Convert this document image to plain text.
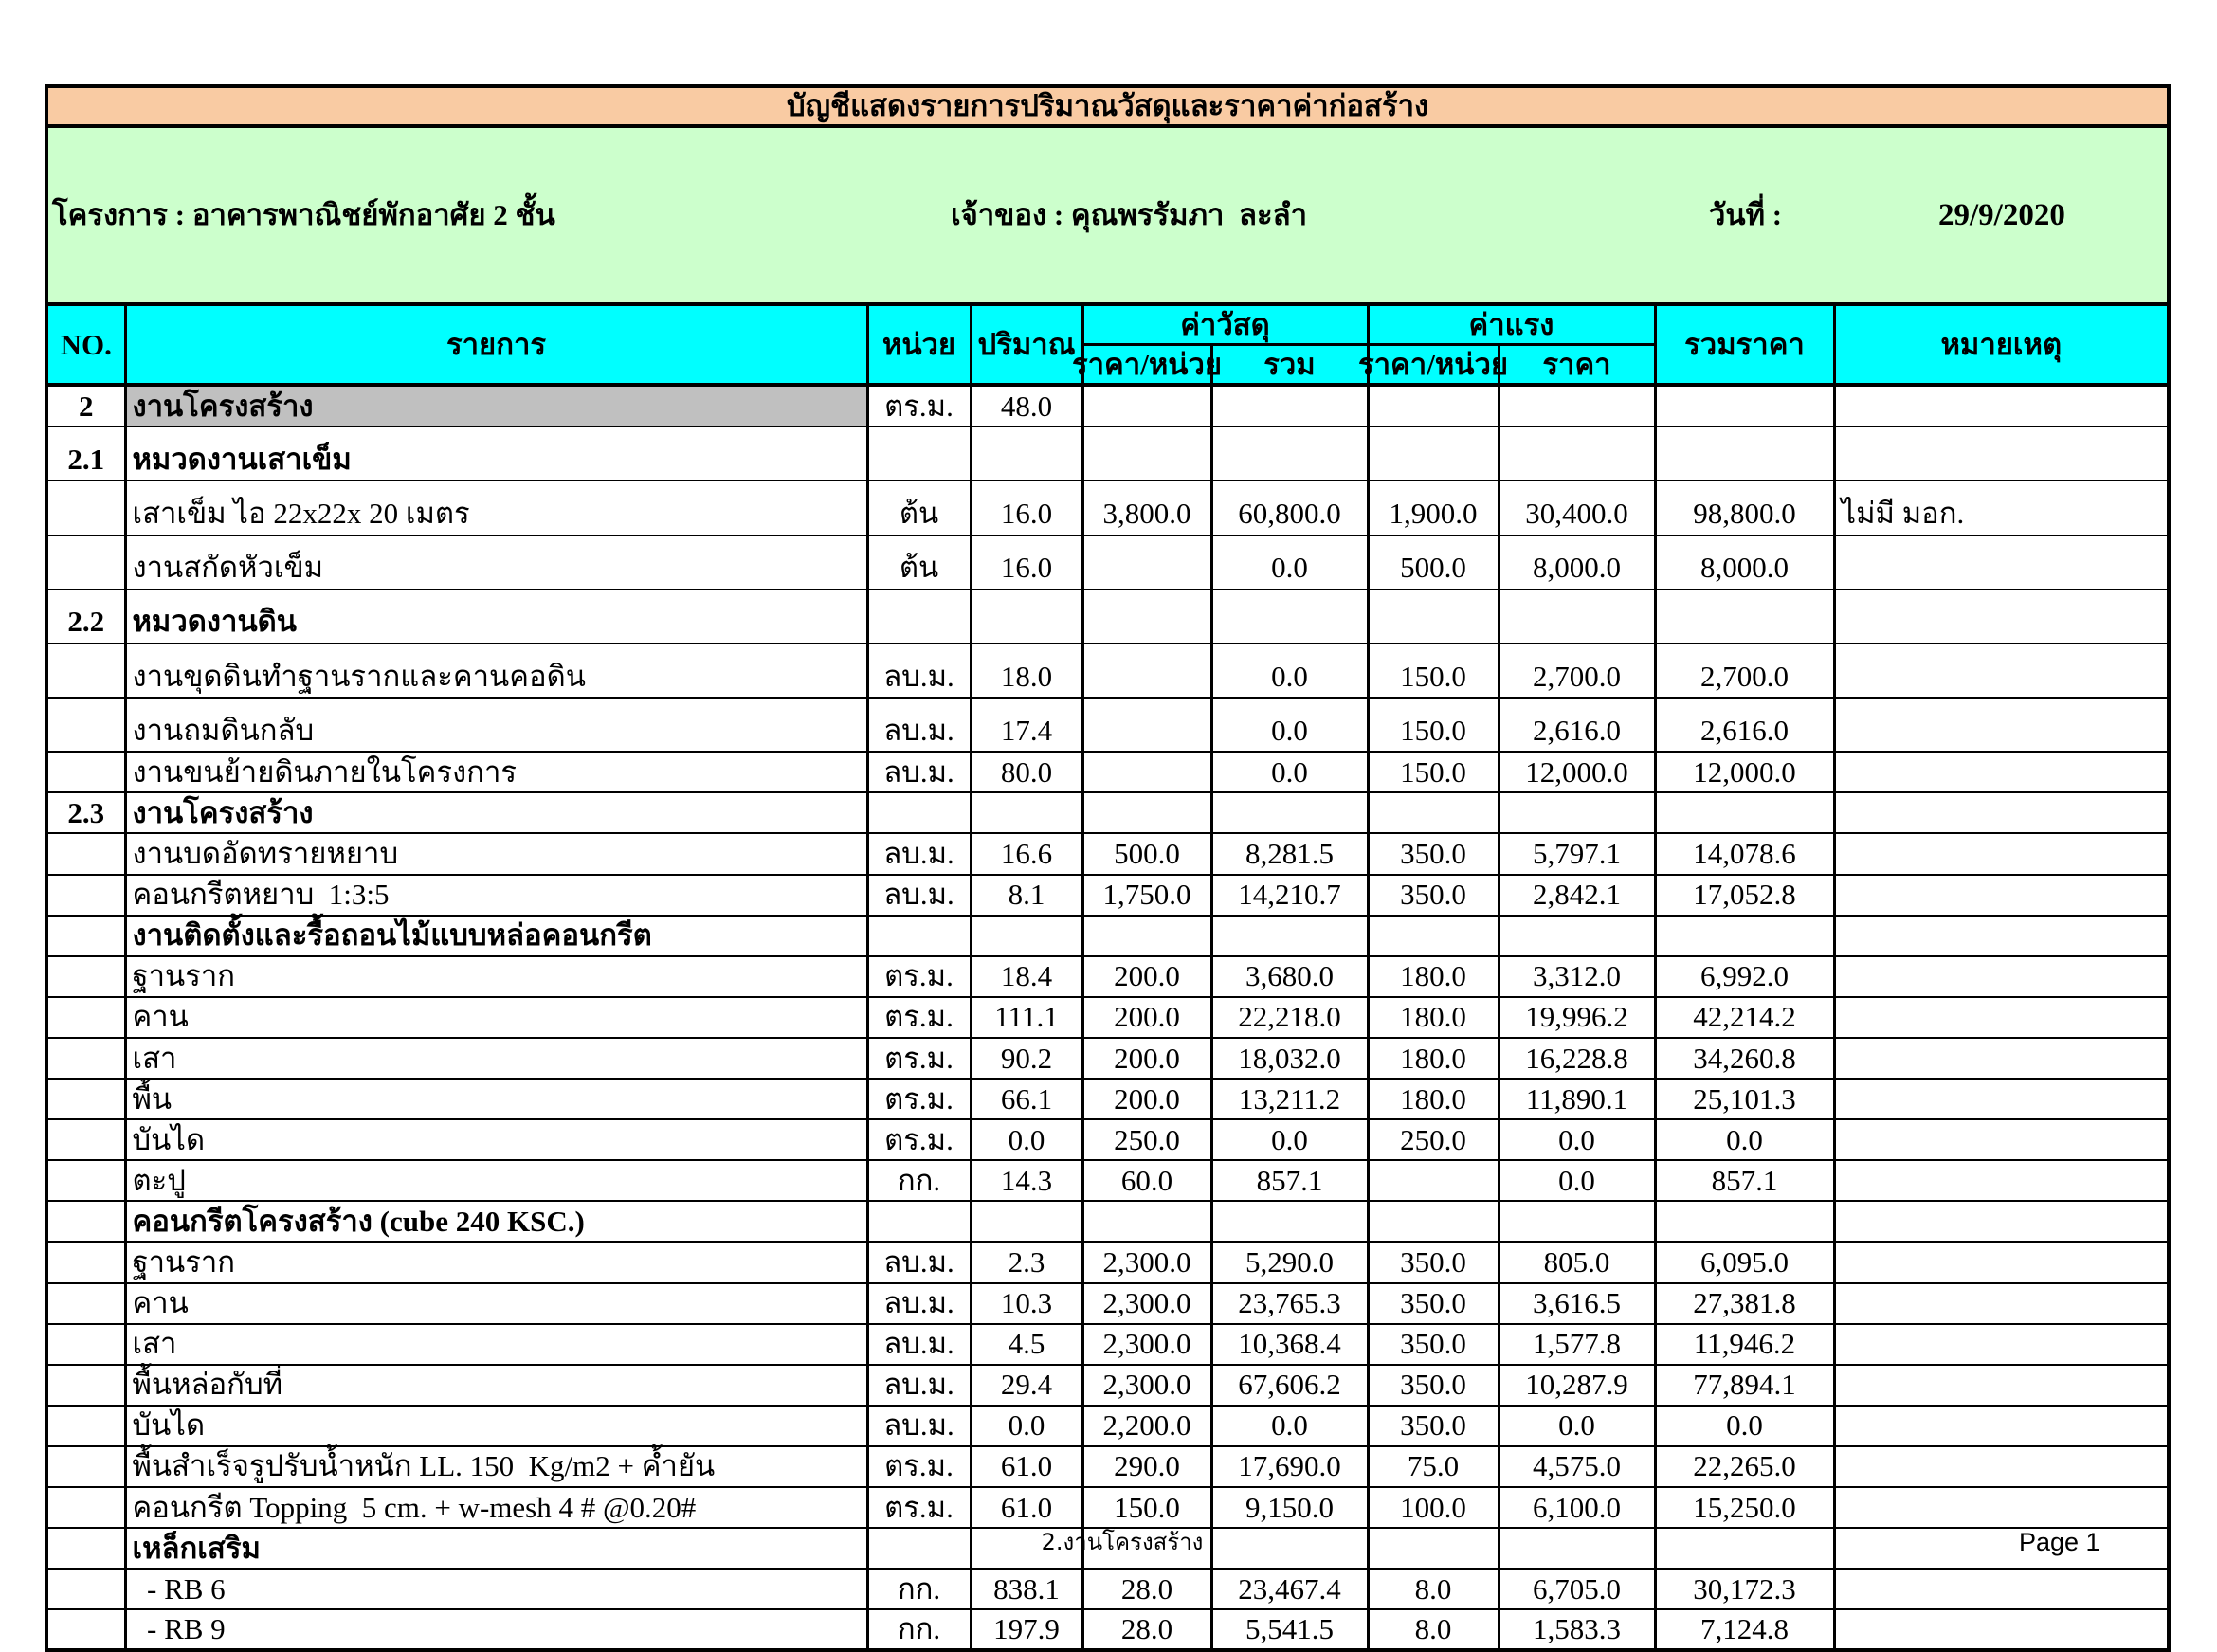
บัญชีแสดงรายการปริมาณวัสดุและราคาค่าก่อสร้าง									

โครงการ : อาคารพาณิชย์พักอาศัย 2 ชั้น

เจ้าของ : คุณพรรัมภา  ละลำ

วันที่ :

29/9/2020									

NO.	รายการ	หน่วย	ปริมาณ	ค่าวัสดุ		ค่าแรง		รวมราคา	หมายเหตุ

				ราคา/หน่วย	รวม	ราคา/หน่วย	ราคา		

2	งานโครงสร้าง	ตร.ม.	48.0						
2.1	หมวดงานเสาเข็ม								
	เสาเข็ม ไอ 22x22x 20 เมตร	ต้น	16.0	3,800.0	60,800.0	1,900.0	30,400.0	98,800.0	ไม่มี มอก.
	งานสกัดหัวเข็ม	ต้น	16.0		0.0	500.0	8,000.0	8,000.0	
2.2	หมวดงานดิน								
	งานขุดดินทำฐานรากและคานคอดิน	ลบ.ม.	18.0		0.0	150.0	2,700.0	2,700.0	
	งานถมดินกลับ	ลบ.ม.	17.4		0.0	150.0	2,616.0	2,616.0	
	งานขนย้ายดินภายในโครงการ	ลบ.ม.	80.0		0.0	150.0	12,000.0	12,000.0	
2.3	งานโครงสร้าง								
	งานบดอัดทรายหยาบ	ลบ.ม.	16.6	500.0	8,281.5	350.0	5,797.1	14,078.6	
	คอนกรีตหยาบ  1:3:5	ลบ.ม.	8.1	1,750.0	14,210.7	350.0	2,842.1	17,052.8	
	งานติดตั้งและรื้อถอนไม้แบบหล่อคอนกรีต								
	ฐานราก	ตร.ม.	18.4	200.0	3,680.0	180.0	3,312.0	6,992.0	
	คาน	ตร.ม.	111.1	200.0	22,218.0	180.0	19,996.2	42,214.2	
	เสา	ตร.ม.	90.2	200.0	18,032.0	180.0	16,228.8	34,260.8	
	พื้น	ตร.ม.	66.1	200.0	13,211.2	180.0	11,890.1	25,101.3	
	บันได	ตร.ม.	0.0	250.0	0.0	250.0	0.0	0.0	
	ตะปู	กก.	14.3	60.0	857.1		0.0	857.1	
	คอนกรีตโครงสร้าง (cube 240 KSC.)								
	ฐานราก	ลบ.ม.	2.3	2,300.0	5,290.0	350.0	805.0	6,095.0	
	คาน	ลบ.ม.	10.3	2,300.0	23,765.3	350.0	3,616.5	27,381.8	
	เสา	ลบ.ม.	4.5	2,300.0	10,368.4	350.0	1,577.8	11,946.2	
	พื้นหล่อกับที่	ลบ.ม.	29.4	2,300.0	67,606.2	350.0	10,287.9	77,894.1	
	บันได	ลบ.ม.	0.0	2,200.0	0.0	350.0	0.0	0.0	
	พื้นสำเร็จรูปรับน้ำหนัก LL. 150  Kg/m2 + ค้ำยัน	ตร.ม.	61.0	290.0	17,690.0	75.0	4,575.0	22,265.0	
	คอนกรีต Topping  5 cm. + w-mesh 4 # @0.20#	ตร.ม.	61.0	150.0	9,150.0	100.0	6,100.0	15,250.0	
	เหล็กเสริม								
	- RB 6	กก.	838.1	28.0	23,467.4	8.0	6,705.0	30,172.3	
	- RB 9	กก.	197.9	28.0	5,541.5	8.0	1,583.3	7,124.8	
2.งานโครงสร้าง	Page 1
